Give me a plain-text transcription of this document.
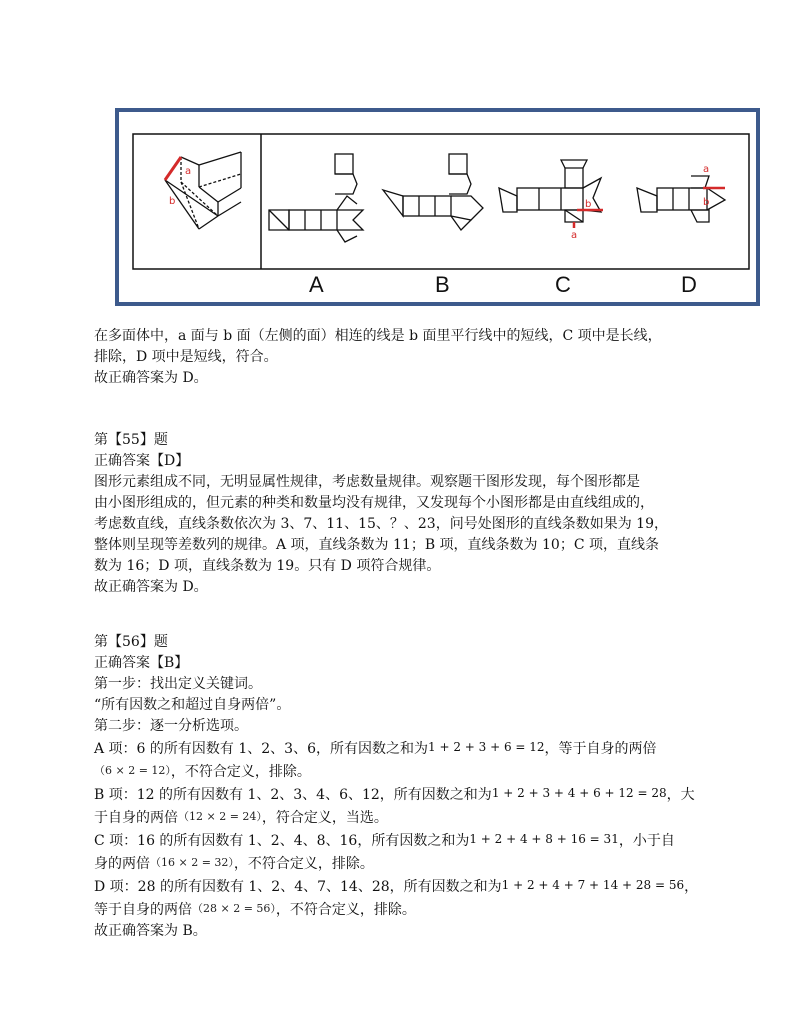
a
b	b
a
a
b
A	B	C	D

在多面体中，a 面与 b 面（左侧的面）相连的线是 b 面里平行线中的短线，C 项中是长线，

排除，D 项中是短线，符合。

故正确答案为 D。

第【55】题

正确答案【D】

图形元素组成不同，无明显属性规律，考虑数量规律。观察题干图形发现，每个图形都是

由小图形组成的，但元素的种类和数量均没有规律，又发现每个小图形都是由直线组成的，

考虑数直线，直线条数依次为 3、7、11、15、？、23，问号处图形的直线条数如果为 19，

整体则呈现等差数列的规律。A 项，直线条数为 11；B 项，直线条数为 10；C 项，直线条

数为 16；D 项，直线条数为 19。只有 D 项符合规律。

故正确答案为 D。

第【56】题

正确答案【B】

第一步：找出定义关键词。

“所有因数之和超过自身两倍”。

第二步：逐一分析选项。

A 项：6 的所有因数有 1、2、3、6，所有因数之和为1 + 2 + 3 + 6 = 12，等于自身的两倍

（6 × 2 = 12），不符合定义，排除。

B 项：12 的所有因数有 1、2、3、4、6、12，所有因数之和为1 + 2 + 3 + 4 + 6 + 12 = 28，大

于自身的两倍（12 × 2 = 24），符合定义，当选。

C 项：16 的所有因数有 1、2、4、8、16，所有因数之和为1 + 2 + 4 + 8 + 16 = 31，小于自

身的两倍（16 × 2 = 32），不符合定义，排除。

D 项：28 的所有因数有 1、2、4、7、14、28，所有因数之和为1 + 2 + 4 + 7 + 14 + 28 = 56，

等于自身的两倍（28 × 2 = 56），不符合定义，排除。

故正确答案为 B。
